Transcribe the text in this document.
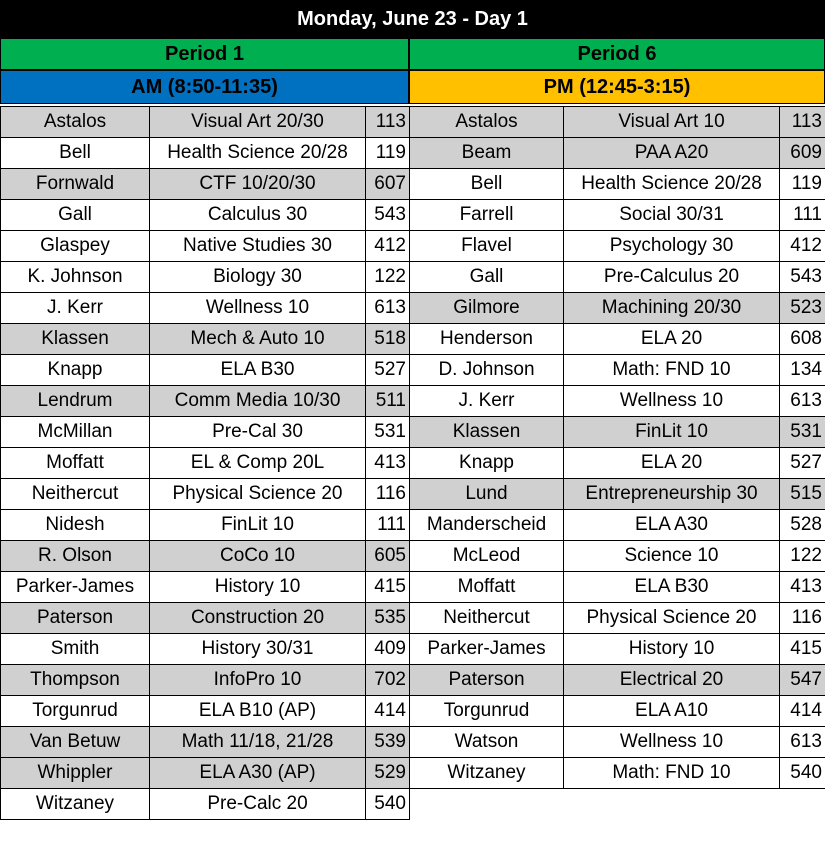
Monday, June 23 - Day 1
Period 1	Period 6
AM (8:50-11:35)	PM (12:45-3:15)
Astalos	Visual Art 20/30	113
Bell	Health Science 20/28	119
Fornwald	CTF 10/20/30	607
Gall	Calculus 30	543
Glaspey	Native Studies 30	412
K. Johnson	Biology 30	122
J. Kerr	Wellness 10	613
Klassen	Mech & Auto 10	518
Knapp	ELA B30	527
Lendrum	Comm Media 10/30	511
McMillan	Pre-Cal 30	531
Moffatt	EL & Comp 20L	413
Neithercut	Physical Science 20	116
Nidesh	FinLit 10	111
R. Olson	CoCo 10	605
Parker-James	History 10	415
Paterson	Construction 20	535
Smith	History 30/31	409
Thompson	InfoPro 10	702
Torgunrud	ELA B10 (AP)	414
Van Betuw	Math 11/18, 21/28	539
Whippler	ELA A30 (AP)	529
Witzaney	Pre-Calc 20	540
Astalos	Visual Art 10	113
Beam	PAA A20	609
Bell	Health Science 20/28	119
Farrell	Social 30/31	111
Flavel	Psychology 30	412
Gall	Pre-Calculus 20	543
Gilmore	Machining 20/30	523
Henderson	ELA 20	608
D. Johnson	Math: FND 10	134
J. Kerr	Wellness 10	613
Klassen	FinLit 10	531
Knapp	ELA 20	527
Lund	Entrepreneurship 30	515
Manderscheid	ELA A30	528
McLeod	Science 10	122
Moffatt	ELA B30	413
Neithercut	Physical Science 20	116
Parker-James	History 10	415
Paterson	Electrical 20	547
Torgunrud	ELA A10	414
Watson	Wellness 10	613
Witzaney	Math: FND 10	540
